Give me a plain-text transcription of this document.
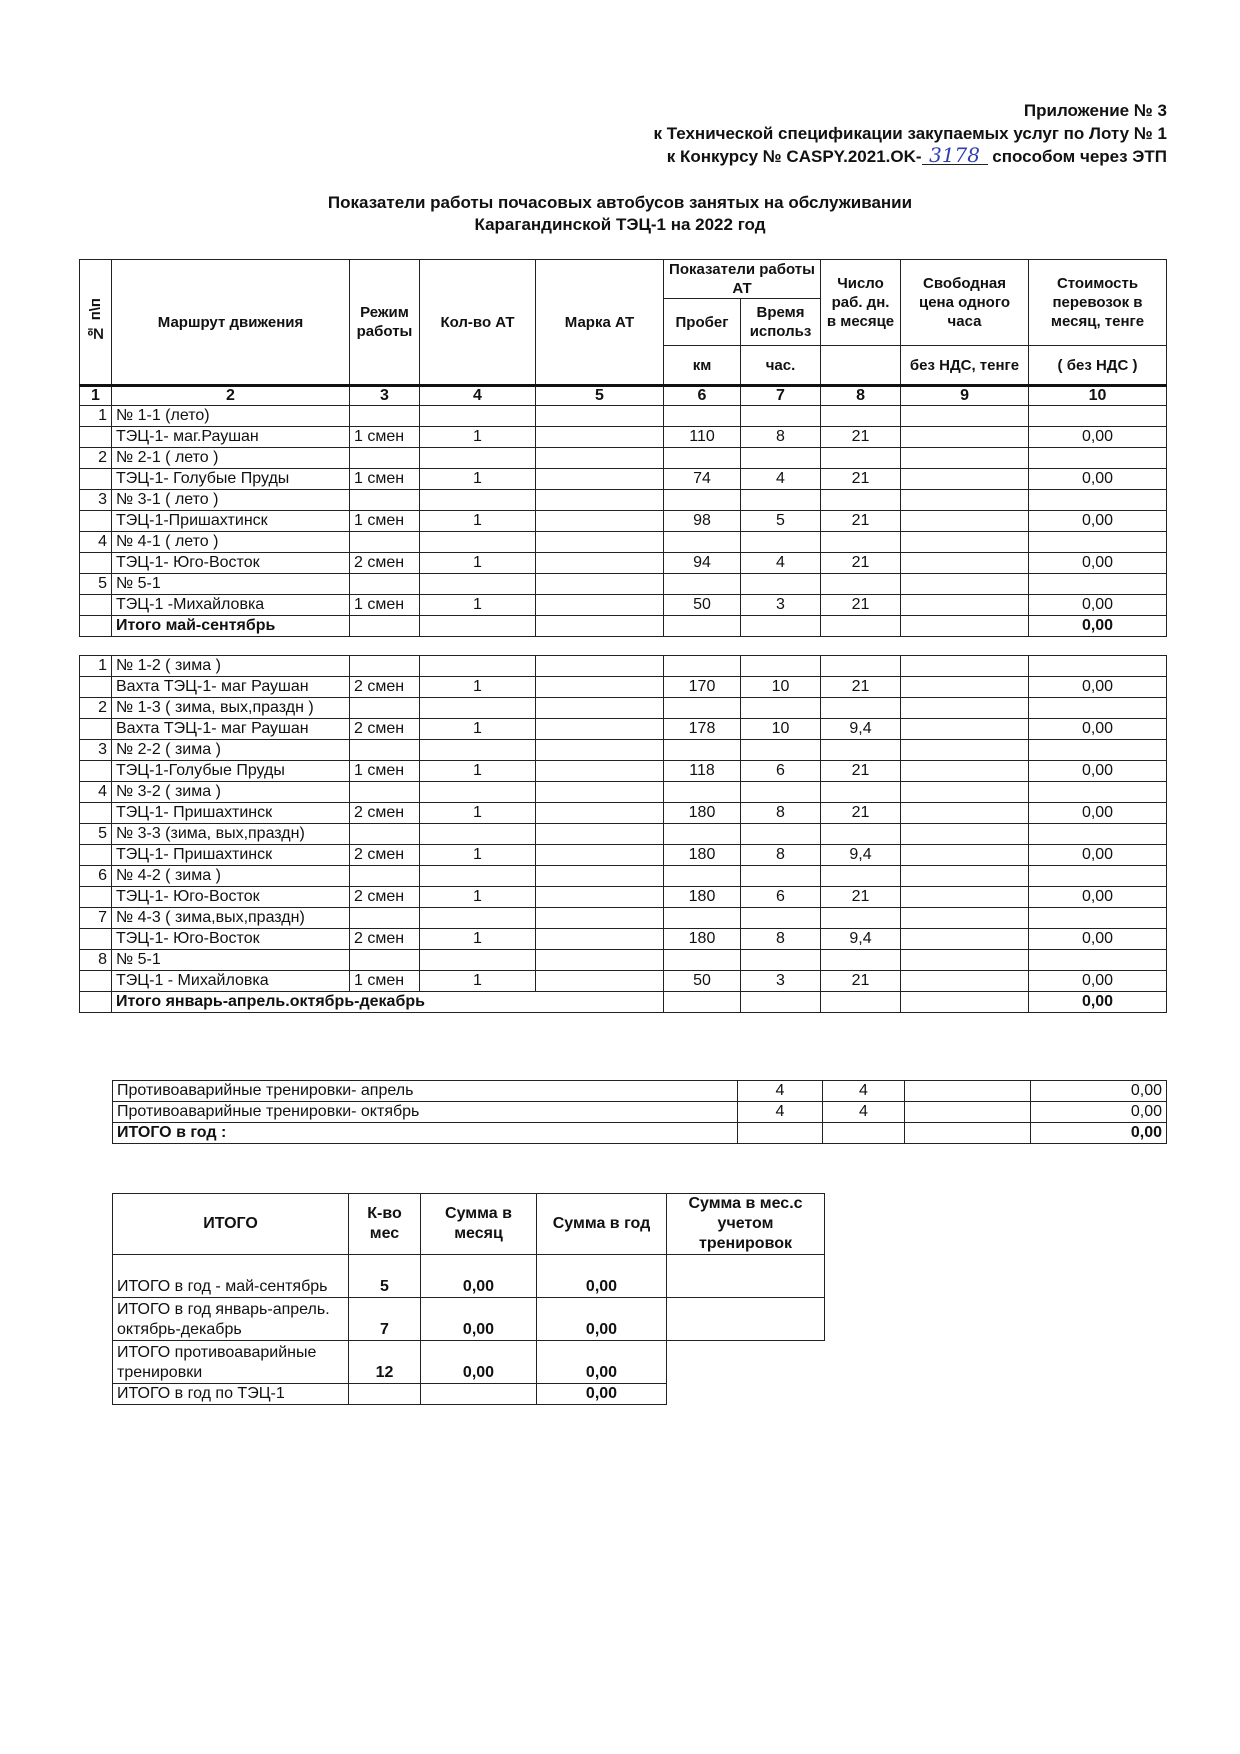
Приложение № 3
к Технической спецификации закупаемых услуг по Лоту № 1
к Конкурсу № CASPY.2021.OK- 3178 способом через ЭТП
Показатели работы почасовых автобусов занятых на обслуживании
Карагандинской ТЭЦ-1 на 2022 год
№ п\п	Маршрут движения	Режим работы	Кол-во АТ	Марка АТ	Показатели работы АТ		Число раб. дн. в месяце	Свободная цена одного часа	Стоимость перевозок в месяц, тенге
					Пробег	Время использ			
					км	час.		без НДС, тенге	( без НДС )
1	2	3	4	5	6	7	8	9	10
1	№ 1-1 (лето)								
	ТЭЦ-1- маг.Раушан	1 смен	1		110	8	21		0,00
2	№ 2-1 ( лето )								
	ТЭЦ-1- Голубые Пруды	1 смен	1		74	4	21		0,00
3	№ 3-1 ( лето )								
	ТЭЦ-1-Пришахтинск	1 смен	1		98	5	21		0,00
4	№ 4-1 ( лето )								
	ТЭЦ-1- Юго-Восток	2 смен	1		94	4	21		0,00
5	№ 5-1								
	ТЭЦ-1 -Михайловка	1 смен	1		50	3	21		0,00
	Итого май-сентябрь								0,00

1	№ 1-2 ( зима )								
	Вахта ТЭЦ-1- маг Раушан	2 смен	1		170	10	21		0,00
2	№ 1-3 ( зима, вых,праздн )								
	Вахта ТЭЦ-1- маг Раушан	2 смен	1		178	10	9,4		0,00
3	№ 2-2 ( зима )								
	ТЭЦ-1-Голубые Пруды	1 смен	1		118	6	21		0,00
4	№ 3-2 ( зима )								
	ТЭЦ-1- Пришахтинск	2 смен	1		180	8	21		0,00
5	№ 3-3 (зима, вых,праздн)								
	ТЭЦ-1- Пришахтинск	2 смен	1		180	8	9,4		0,00
6	№ 4-2 ( зима )								
	ТЭЦ-1- Юго-Восток	2 смен	1		180	6	21		0,00
7	№ 4-3 ( зима,вых,праздн)								
	ТЭЦ-1- Юго-Восток	2 смен	1		180	8	9,4		0,00
8	№ 5-1								
	ТЭЦ-1 - Михайловка	1 смен	1		50	3	21		0,00
	Итого январь-апрель.октябрь-декабрь								0,00
Противоаварийные тренировки- апрель	4	4		0,00
Противоаварийные тренировки- октябрь	4	4		0,00
ИТОГО в год :				0,00
ИТОГО	К-во мес	Сумма в месяц	Сумма в год	Сумма в мес.с учетом тренировок
ИТОГО в год - май-сентябрь	5	0,00	0,00	
ИТОГО в год январь-апрель. октябрь-декабрь	7	0,00	0,00	
ИТОГО противоаварийные тренировки	12	0,00	0,00	
ИТОГО в год по ТЭЦ-1			0,00	
